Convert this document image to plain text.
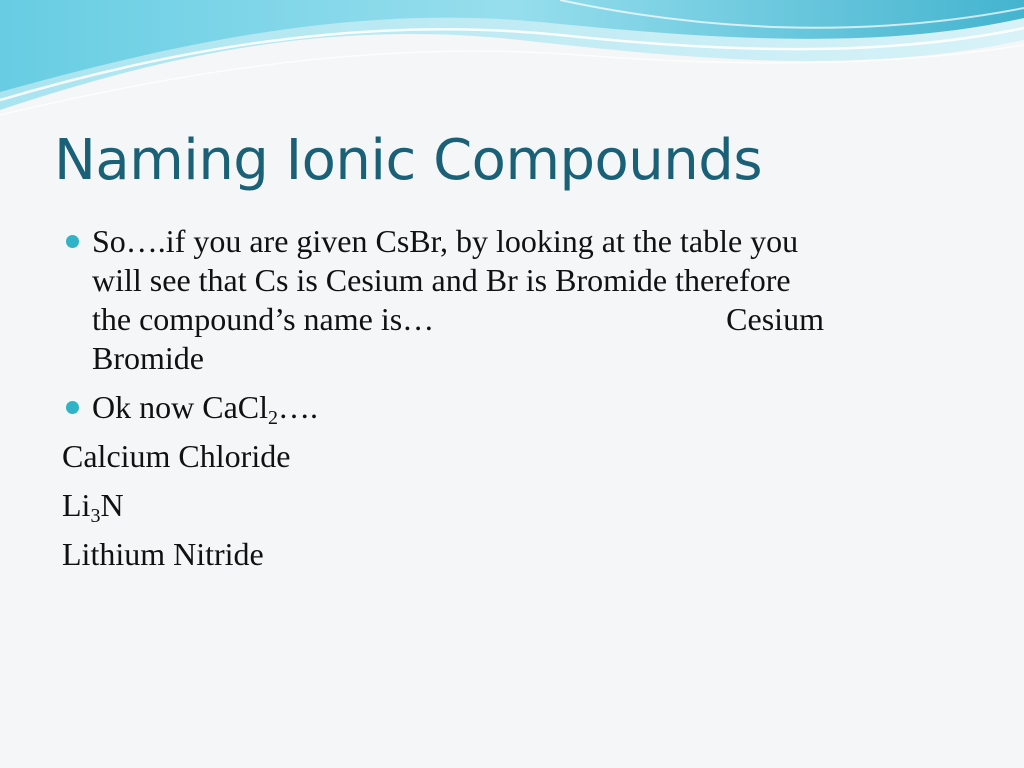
Naming Ionic Compounds
So….if you are given CsBr, by looking at the table you
will see that Cs is Cesium and Br is Bromide therefore
the compound’s name is…	Cesium
Bromide
Ok now CaCl$_2$….
Calcium Chloride
$Li_3N$
Lithium Nitride
